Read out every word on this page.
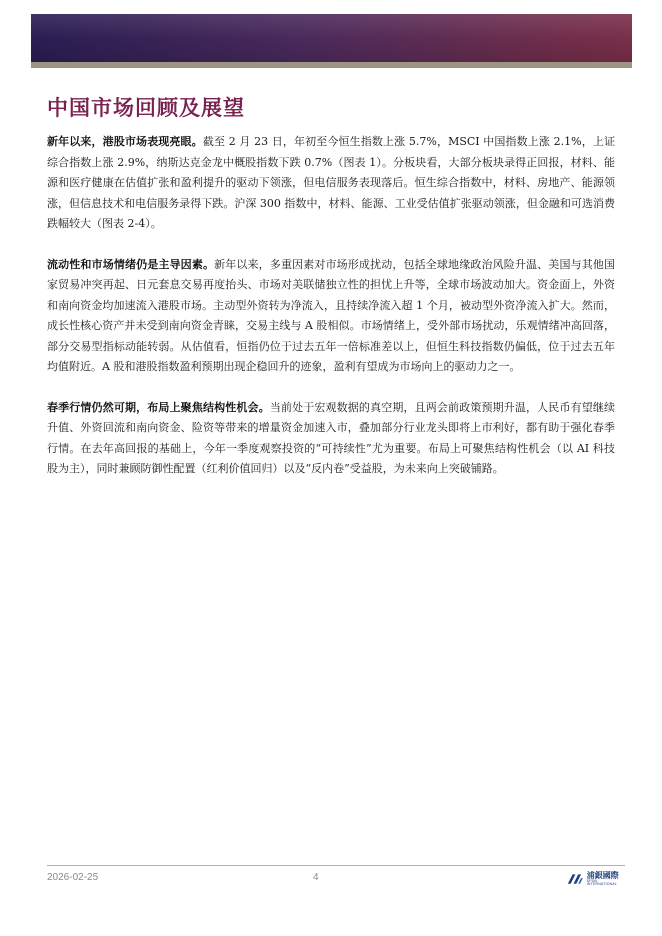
中国市场回顾及展望

新年以来，港股市场表现亮眼。截至 2 月 23 日，年初至今恒生指数上涨 5.7%，MSCI 中国指数上涨 2.1%，上证综合指数上涨 2.9%，纳斯达克金龙中概股指数下跌 0.7%（图表 1）。分板块看，大部分板块录得正回报，材料、能源和医疗健康在估值扩张和盈利提升的驱动下领涨，但电信服务表现落后。恒生综合指数中，材料、房地产、能源领涨，但信息技术和电信服务录得下跌。沪深 300 指数中，材料、能源、工业受估值扩张驱动领涨，但金融和可选消费跌幅较大（图表 2-4）。

流动性和市场情绪仍是主导因素。新年以来，多重因素对市场形成扰动，包括全球地缘政治风险升温、美国与其他国家贸易冲突再起、日元套息交易再度抬头、市场对美联储独立性的担忧上升等，全球市场波动加大。资金面上，外资和南向资金均加速流入港股市场。主动型外资转为净流入，且持续净流入超 1 个月，被动型外资净流入扩大。然而，成长性核心资产并未受到南向资金青睐，交易主线与 A 股相似。市场情绪上，受外部市场扰动，乐观情绪冲高回落，部分交易型指标动能转弱。从估值看，恒指仍位于过去五年一倍标准差以上，但恒生科技指数仍偏低，位于过去五年均值附近。A 股和港股指数盈利预期出现企稳回升的迹象，盈利有望成为市场向上的驱动力之一。

春季行情仍然可期，布局上聚焦结构性机会。当前处于宏观数据的真空期，且两会前政策预期升温，人民币有望继续升值、外资回流和南向资金、险资等带来的增量资金加速入市，叠加部分行业龙头即将上市利好，都有助于强化春季行情。在去年高回报的基础上，今年一季度观察投资的“可持续性”尤为重要。布局上可聚焦结构性机会（以 AI 科技股为主），同时兼顾防御性配置（红利价值回归）以及“反内卷”受益股，为未来向上突破铺路。

2026-02-25	4	浦銀國際
SPDB INTERNATIONAL
